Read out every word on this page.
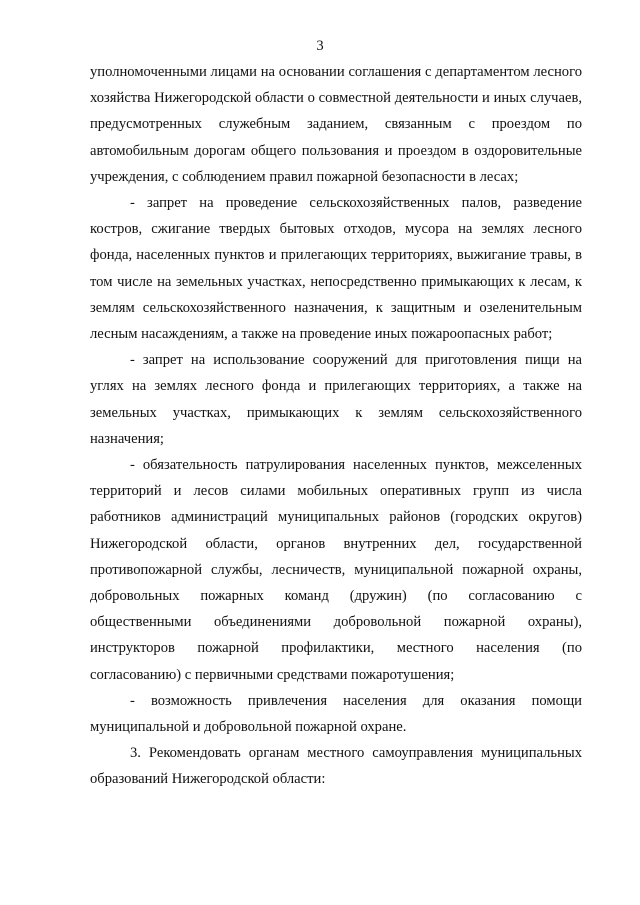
3

уполномоченными лицами на основании соглашения с департаментом лесного хозяйства Нижегородской области о совместной деятельности и иных случаев, предусмотренных служебным заданием, связанным с проездом по автомобильным дорогам общего пользования и проездом в оздоровительные учреждения, с соблюдением правил пожарной безопасности в лесах;

- запрет на проведение сельскохозяйственных палов, разведение костров, сжигание твердых бытовых отходов, мусора на землях лесного фонда, населенных пунктов и прилегающих территориях, выжигание травы, в том числе на земельных участках, непосредственно примыкающих к лесам, к землям сельскохозяйственного назначения, к защитным и озеленительным лесным насаждениям, а также на проведение иных пожароопасных работ;

- запрет на использование сооружений для приготовления пищи на углях на землях лесного фонда и прилегающих территориях, а также на земельных участках, примыкающих к землям сельскохозяйственного назначения;

- обязательность патрулирования населенных пунктов, межселенных территорий и лесов силами мобильных оперативных групп из числа работников администраций муниципальных районов (городских округов) Нижегородской области, органов внутренних дел, государственной противопожарной службы, лесничеств, муниципальной пожарной охраны, добровольных пожарных команд (дружин) (по согласованию с общественными объединениями добровольной пожарной охраны), инструкторов пожарной профилактики, местного населения (по согласованию) с первичными средствами пожаротушения;

- возможность привлечения населения для оказания помощи муниципальной и добровольной пожарной охране.

3. Рекомендовать органам местного самоуправления муниципальных образований Нижегородской области:
